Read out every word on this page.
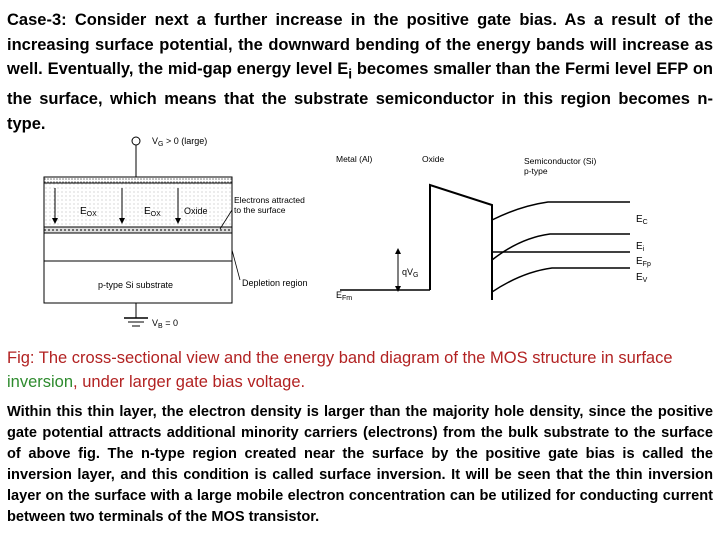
Case-3: Consider next a further increase in the positive gate bias. As a result of the increasing surface potential, the downward bending of the energy bands will increase as well. Eventually, the mid-gap energy level $E_i$ becomes smaller than the Fermi level EFP on the surface, which means that the substrate semiconductor in this region becomes n-type.
$V_G > 0$ (large)
$E_{OX}$	$E_{OX}$	Oxide
Electrons attracted
to the surface
p-type Si substrate	Depletion region
$V_B = 0$
Metal (Al)	Oxide	Semiconductor (Si)
p-type
$E_{Fm}$
$qV_G$
$E_C$
$E_i$
$E_{Fp}$
$E_V$
Fig: The cross-sectional view and the energy band diagram of the MOS structure in surface inversion, under larger gate bias voltage.
Within this thin layer, the electron density is larger than the majority hole density, since the positive gate potential attracts additional minority carriers (electrons) from the bulk substrate to the surface of above fig. The n-type region created near the surface by the positive gate bias is called the inversion layer, and this condition is called surface inversion. It will be seen that the thin inversion layer on the surface with a large mobile electron concentration can be utilized for conducting current between two terminals of the MOS transistor.
